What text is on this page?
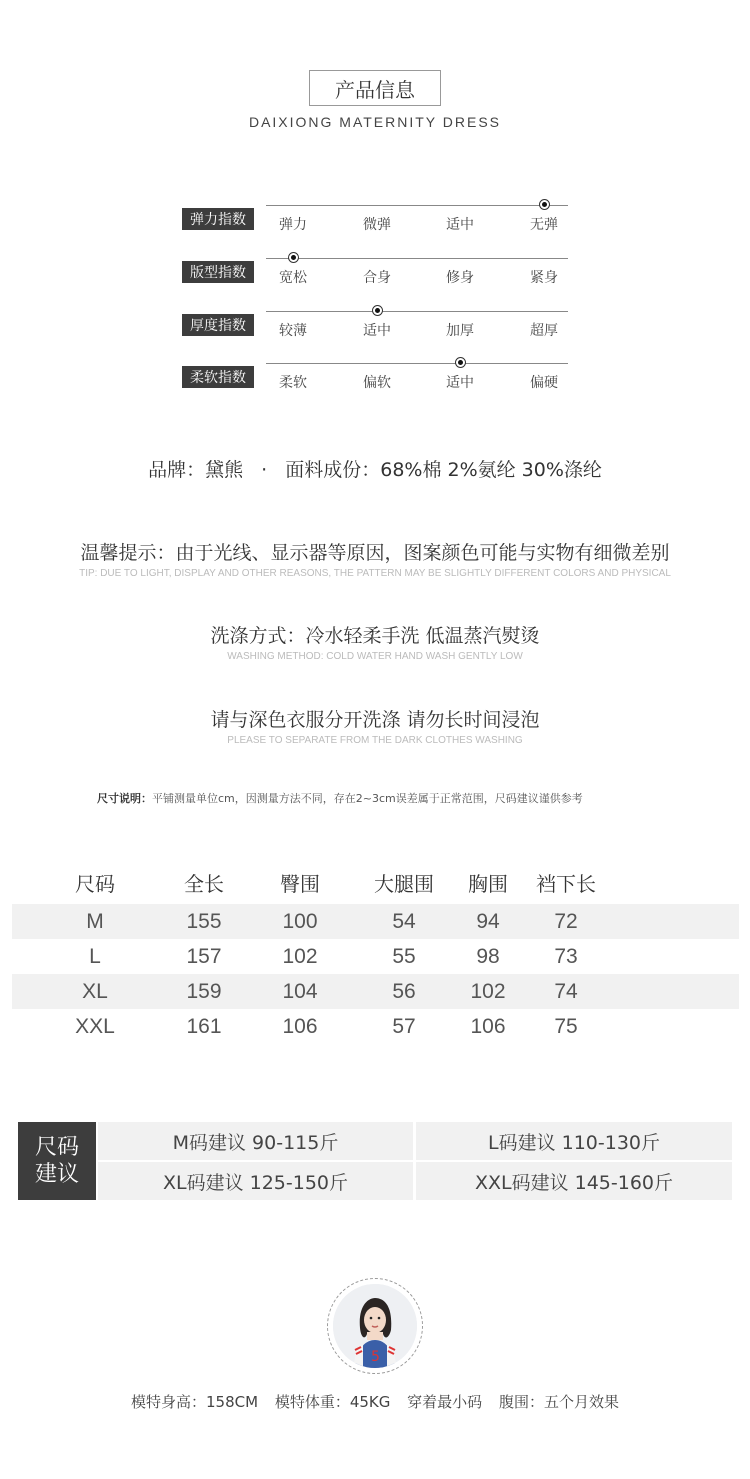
产品信息
DAIXIONG MATERNITY DRESS
弹力指数	弹力	微弹	适中	无弹
版型指数	宽松	合身	修身	紧身
厚度指数	较薄	适中	加厚	超厚
柔软指数	柔软	偏软	适中	偏硬
品牌：黛熊 · 面料成份：68%棉 2%氨纶 30%涤纶
温馨提示：由于光线、显示器等原因，图案颜色可能与实物有细微差别
TIP: DUE TO LIGHT, DISPLAY AND OTHER REASONS, THE PATTERN MAY BE SLIGHTLY DIFFERENT COLORS AND PHYSICAL
洗涤方式：冷水轻柔手洗 低温蒸汽熨烫
WASHING METHOD: COLD WATER HAND WASH GENTLY LOW
请与深色衣服分开洗涤 请勿长时间浸泡
PLEASE TO SEPARATE FROM THE DARK CLOTHES WASHING
尺寸说明：平铺测量单位cm，因测量方法不同，存在2~3cm误差属于正常范围，尺码建议谨供参考
尺码	全长	臀围	大腿围	胸围	裆下长
M	155	100	54	94	72
L	157	102	55	98	73
XL	159	104	56	102	74
XXL	161	106	57	106	75
尺码
建议
M码建议 90-115斤	L码建议 110-130斤
XL码建议 125-150斤	XXL码建议 145-160斤
5
模特身高：158CM 模特体重：45KG 穿着最小码 腹围：五个月效果
